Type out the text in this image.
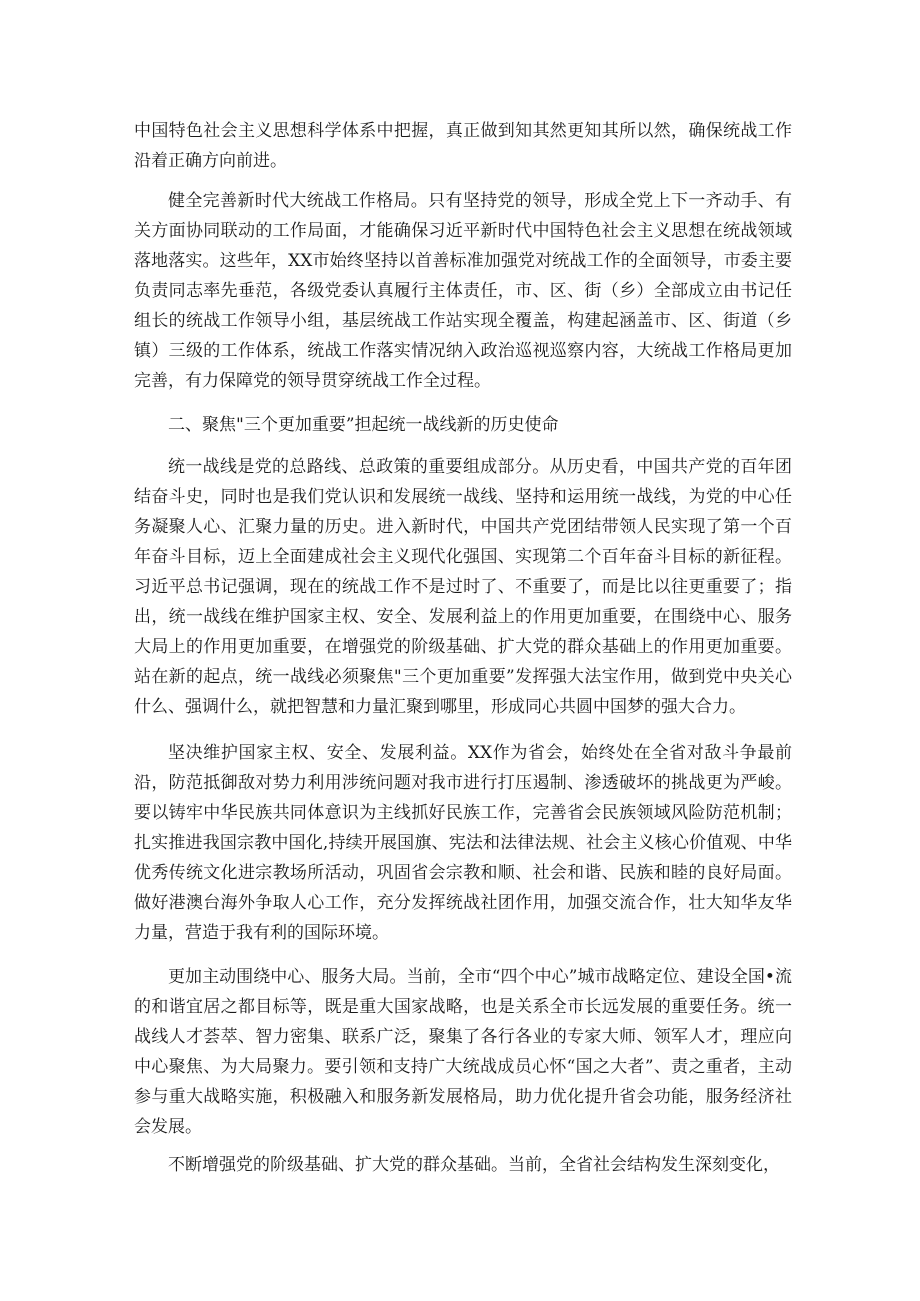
中国特色社会主义思想科学体系中把握，真正做到知其然更知其所以然，确保统战工作沿着正确方向前进。

健全完善新时代大统战工作格局。只有坚持党的领导，形成全党上下一齐动手、有关方面协同联动的工作局面，才能确保习近平新时代中国特色社会主义思想在统战领域落地落实。这些年，XX市始终坚持以首善标准加强党对统战工作的全面领导，市委主要负责同志率先垂范，各级党委认真履行主体责任，市、区、街（乡）全部成立由书记任组长的统战工作领导小组，基层统战工作站实现全覆盖，构建起涵盖市、区、街道（乡镇）三级的工作体系，统战工作落实情况纳入政治巡视巡察内容，大统战工作格局更加完善，有力保障党的领导贯穿统战工作全过程。

二、聚焦"三个更加重要”担起统一战线新的历史使命

统一战线是党的总路线、总政策的重要组成部分。从历史看，中国共产党的百年团结奋斗史，同时也是我们党认识和发展统一战线、坚持和运用统一战线，为党的中心任务凝聚人心、汇聚力量的历史。进入新时代，中国共产党团结带领人民实现了第一个百年奋斗目标，迈上全面建成社会主义现代化强国、实现第二个百年奋斗目标的新征程。习近平总书记强调，现在的统战工作不是过时了、不重要了，而是比以往更重要了；指出，统一战线在维护国家主权、安全、发展利益上的作用更加重要，在围绕中心、服务大局上的作用更加重要，在增强党的阶级基础、扩大党的群众基础上的作用更加重要。站在新的起点，统一战线必须聚焦"三个更加重要”发挥强大法宝作用，做到党中央关心什么、强调什么，就把智慧和力量汇聚到哪里，形成同心共圆中国梦的强大合力。

坚决维护国家主权、安全、发展利益。XX作为省会，始终处在全省对敌斗争最前沿，防范抵御敌对势力利用涉统问题对我市进行打压遏制、渗透破坏的挑战更为严峻。要以铸牢中华民族共同体意识为主线抓好民族工作，完善省会民族领域风险防范机制；扎实推进我国宗教中国化,持续开展国旗、宪法和法律法规、社会主义核心价值观、中华优秀传统文化进宗教场所活动，巩固省会宗教和顺、社会和谐、民族和睦的良好局面。做好港澳台海外争取人心工作，充分发挥统战社团作用，加强交流合作，壮大知华友华力量，营造于我有利的国际环境。

更加主动围绕中心、服务大局。当前，全市“四个中心”城市战略定位、建设全国•流的和谐宜居之都目标等，既是重大国家战略，也是关系全市长远发展的重要任务。统一战线人才荟萃、智力密集、联系广泛，聚集了各行各业的专家大师、领军人才，理应向中心聚焦、为大局聚力。要引领和支持广大统战成员心怀“国之大者”、责之重者，主动参与重大战略实施，积极融入和服务新发展格局，助力优化提升省会功能，服务经济社会发展。

不断增强党的阶级基础、扩大党的群众基础。当前，全省社会结构发生深刻变化，
